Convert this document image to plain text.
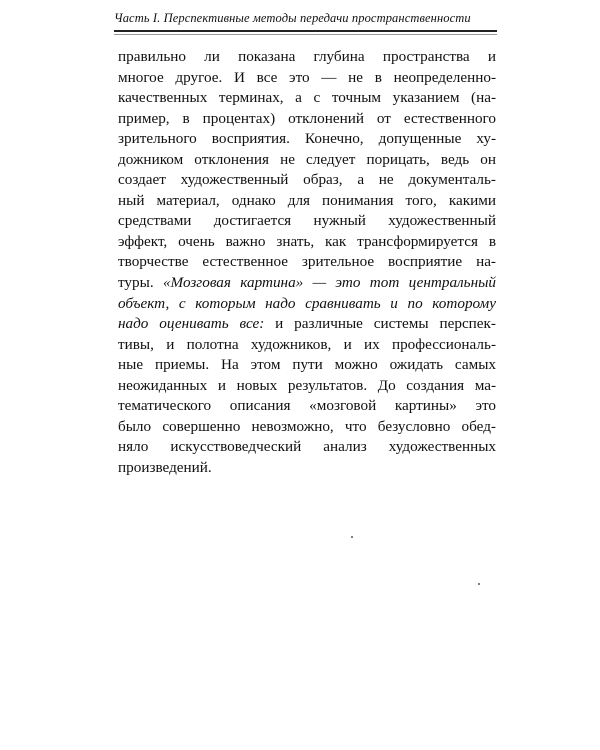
Часть I. Перспективные методы передачи пространственности
правильно ли показана глубина пространства и
многое другое. И все это — не в неопределенно-
качественных терминах, а с точным указанием (на-
пример, в процентах) отклонений от естественного
зрительного восприятия. Конечно, допущенные ху-
дожником отклонения не следует порицать, ведь он
создает художественный образ, а не документаль-
ный материал, однако для понимания того, какими
средствами достигается нужный художественный
эффект, очень важно знать, как трансформируется в
творчестве естественное зрительное восприятие на-
туры. «Мозговая картина» — это тот центральный
объект, с которым надо сравнивать и по которому
надо оценивать все: и различные системы перспек-
тивы, и полотна художников, и их профессиональ-
ные приемы. На этом пути можно ожидать самых
неожиданных и новых результатов. До создания ма-
тематического описания «мозговой картины» это
было совершенно невозможно, что безусловно обед-
няло искусствоведческий анализ художественных
произведений.
